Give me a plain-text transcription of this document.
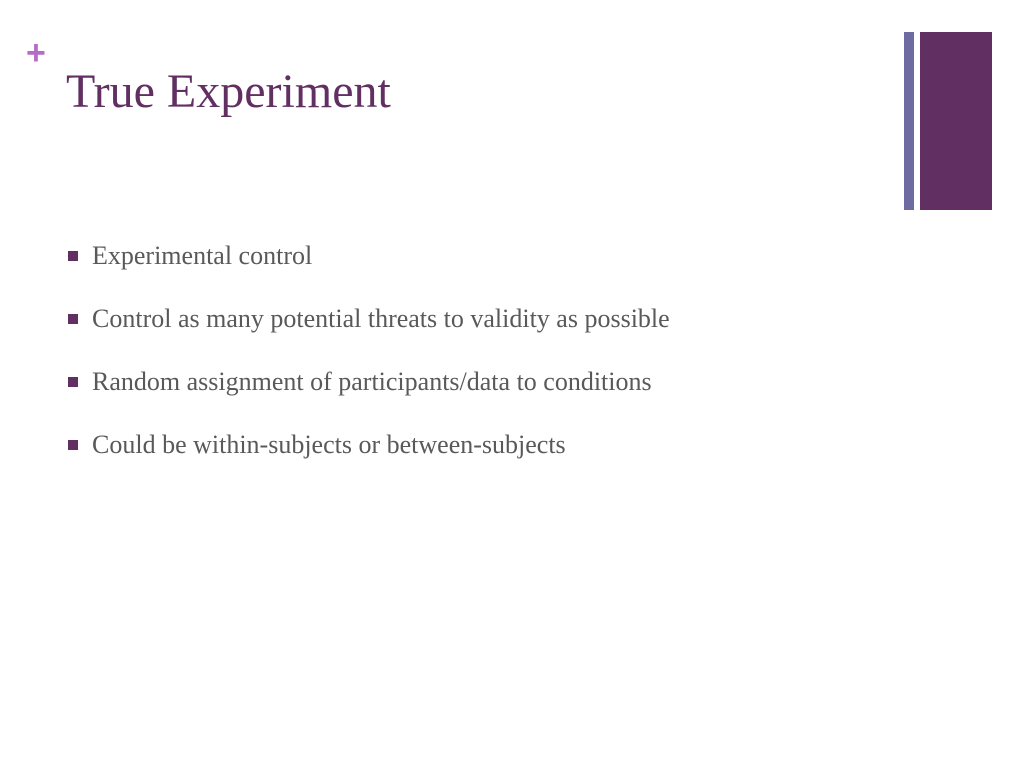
+
True Experiment
Experimental control
Control as many potential threats to validity as possible
Random assignment of participants/data to conditions
Could be within-subjects or between-subjects
